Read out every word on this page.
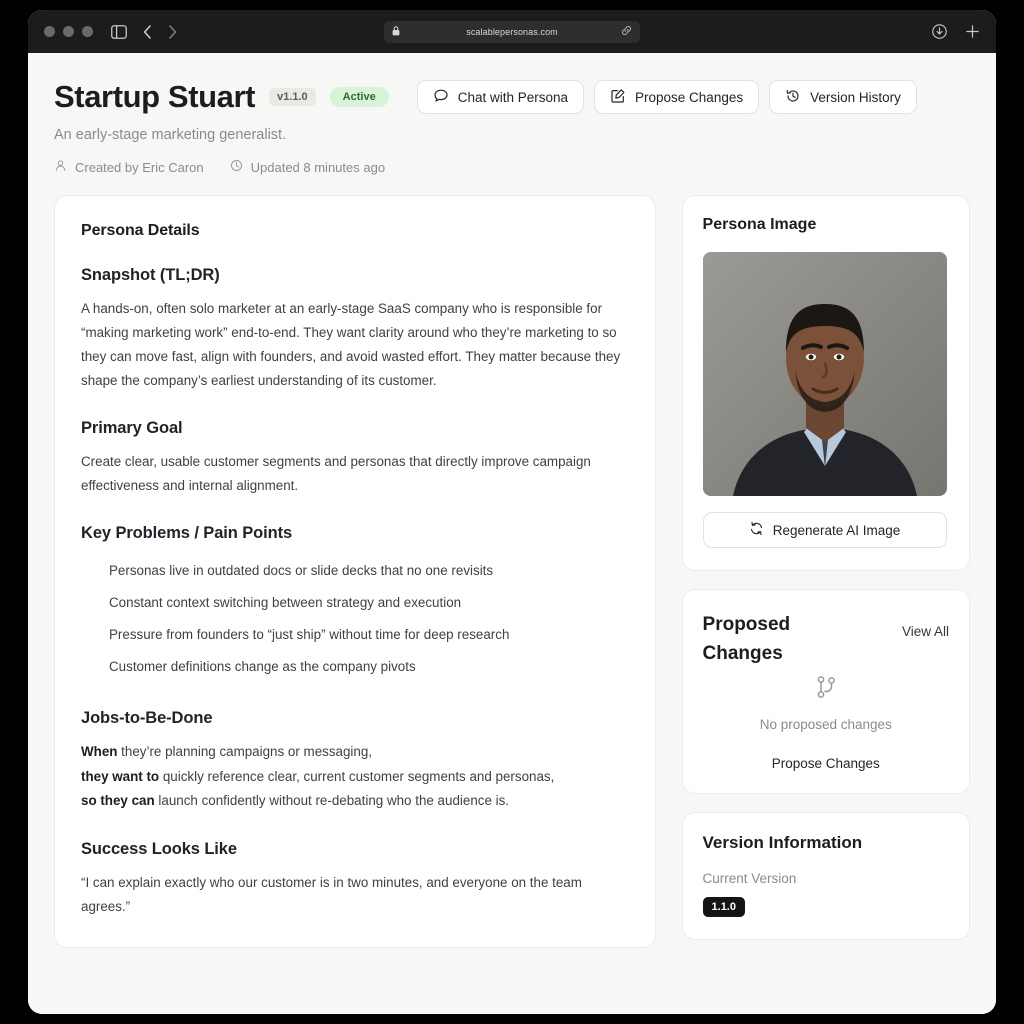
scalablepersonas.com
Startup Stuart	v1.1.0	Active	Chat with Persona	Propose Changes	Version History
An early-stage marketing generalist.
Created by Eric Caron	Updated 8 minutes ago
Persona Details
Snapshot (TL;DR)

A hands-on, often solo marketer at an early-stage SaaS company who is responsible for “making marketing work” end-to-end. They want clarity around who they’re marketing to so they can move fast, align with founders, and avoid wasted effort. They matter because they shape the company’s earliest understanding of its customer.

Primary Goal

Create clear, usable customer segments and personas that directly improve campaign effectiveness and internal alignment.

Key Problems / Pain Points
Personas live in outdated docs or slide decks that no one revisits
Constant context switching between strategy and execution
Pressure from founders to “just ship” without time for deep research
Customer definitions change as the company pivots
Jobs-to-Be-Done
When they’re planning campaigns or messaging,
they want to quickly reference clear, current customer segments and personas,
so they can launch confidently without re-debating who the audience is.
Success Looks Like

“I can explain exactly who our customer is in two minutes, and everyone on the team agrees.”

Persona Image
Regenerate AI Image
Proposed Changes
View All
No proposed changes
Propose Changes
Version Information
Current Version
1.1.0
